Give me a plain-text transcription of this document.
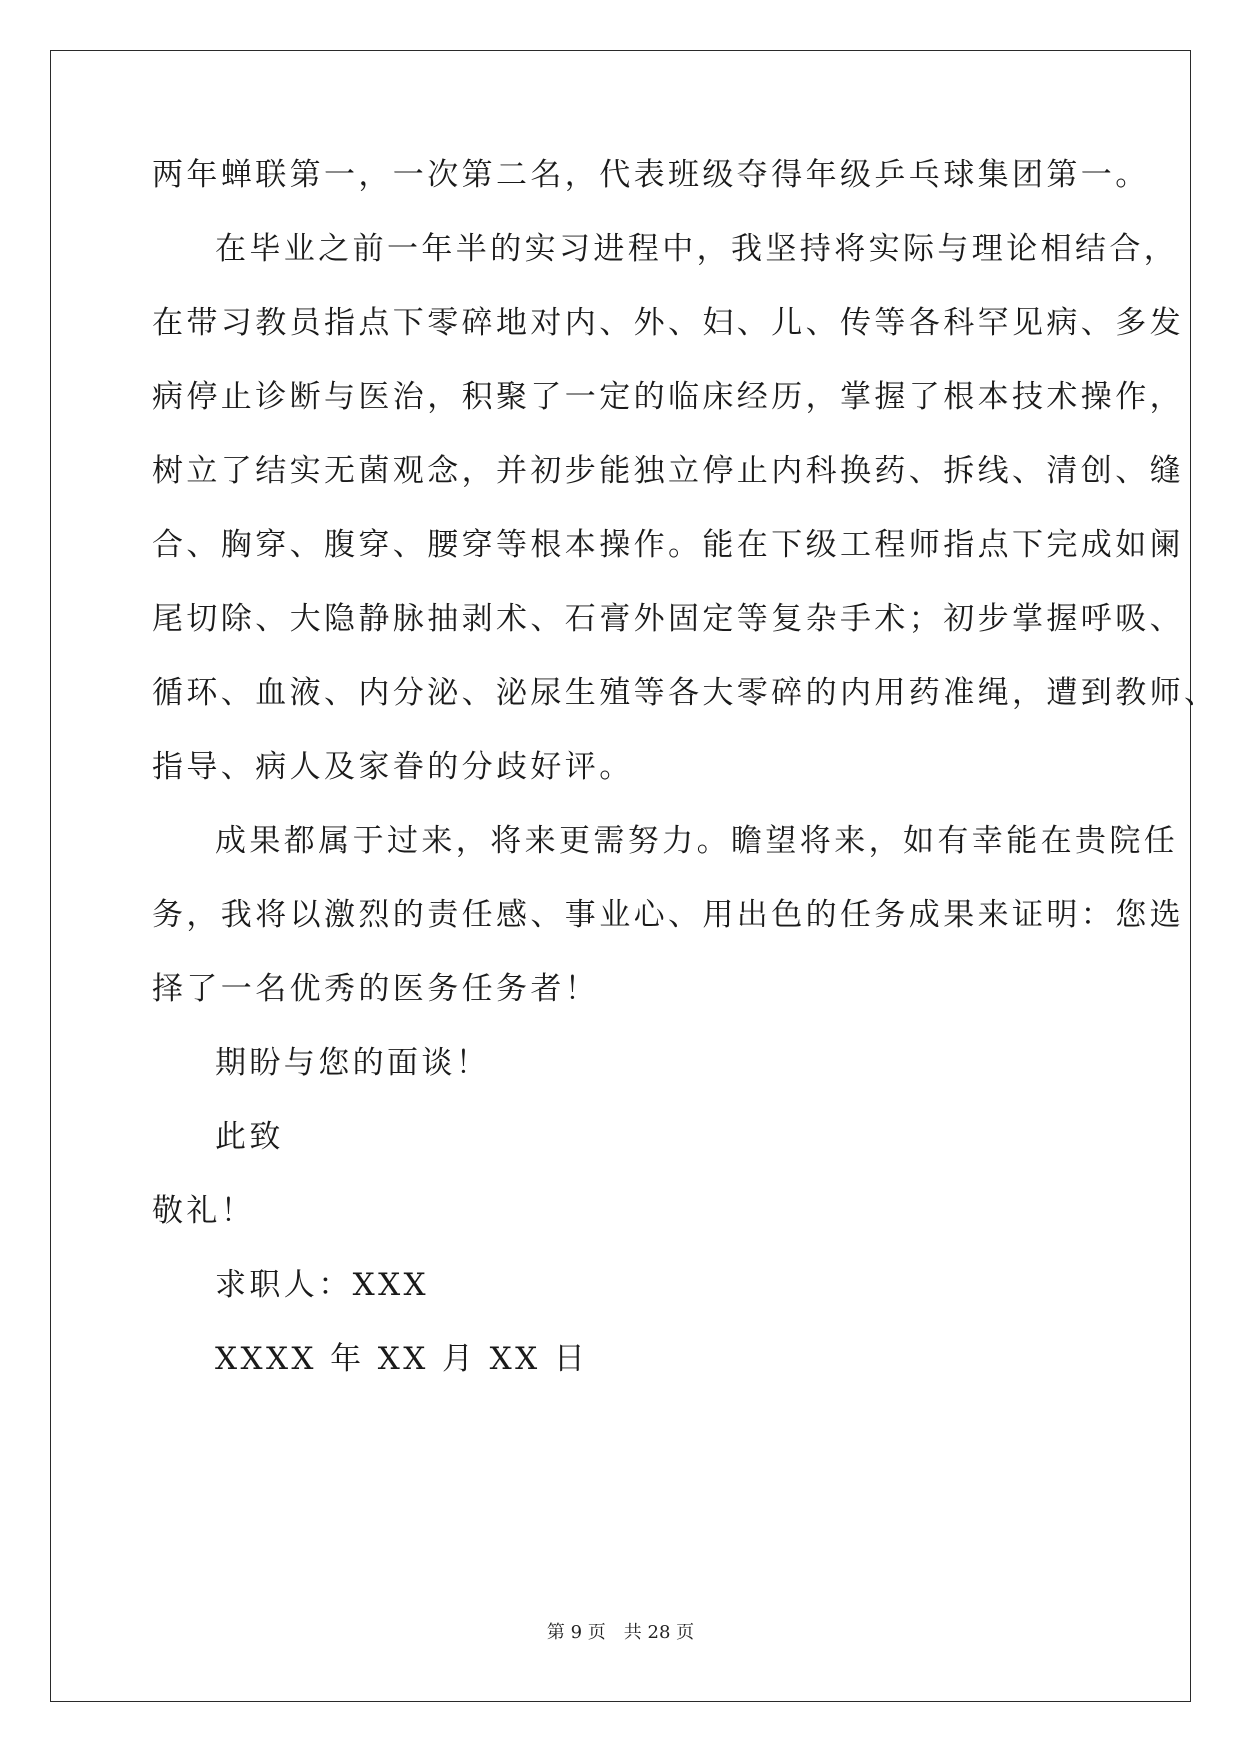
两年蝉联第一，一次第二名，代表班级夺得年级乒乓球集团第一。
在毕业之前一年半的实习进程中，我坚持将实际与理论相结合，
在带习教员指点下零碎地对内、外、妇、儿、传等各科罕见病、多发
病停止诊断与医治，积聚了一定的临床经历，掌握了根本技术操作，
树立了结实无菌观念，并初步能独立停止内科换药、拆线、清创、缝
合、胸穿、腹穿、腰穿等根本操作。能在下级工程师指点下完成如阑
尾切除、大隐静脉抽剥术、石膏外固定等复杂手术；初步掌握呼吸、
循环、血液、内分泌、泌尿生殖等各大零碎的内用药准绳，遭到教师、
指导、病人及家眷的分歧好评。
成果都属于过来，将来更需努力。瞻望将来，如有幸能在贵院任
务，我将以激烈的责任感、事业心、用出色的任务成果来证明：您选
择了一名优秀的医务任务者！
期盼与您的面谈！
此致
敬礼！
求职人：XXX
XXXX 年 XX 月 XX 日
第 9 页 共 28 页
